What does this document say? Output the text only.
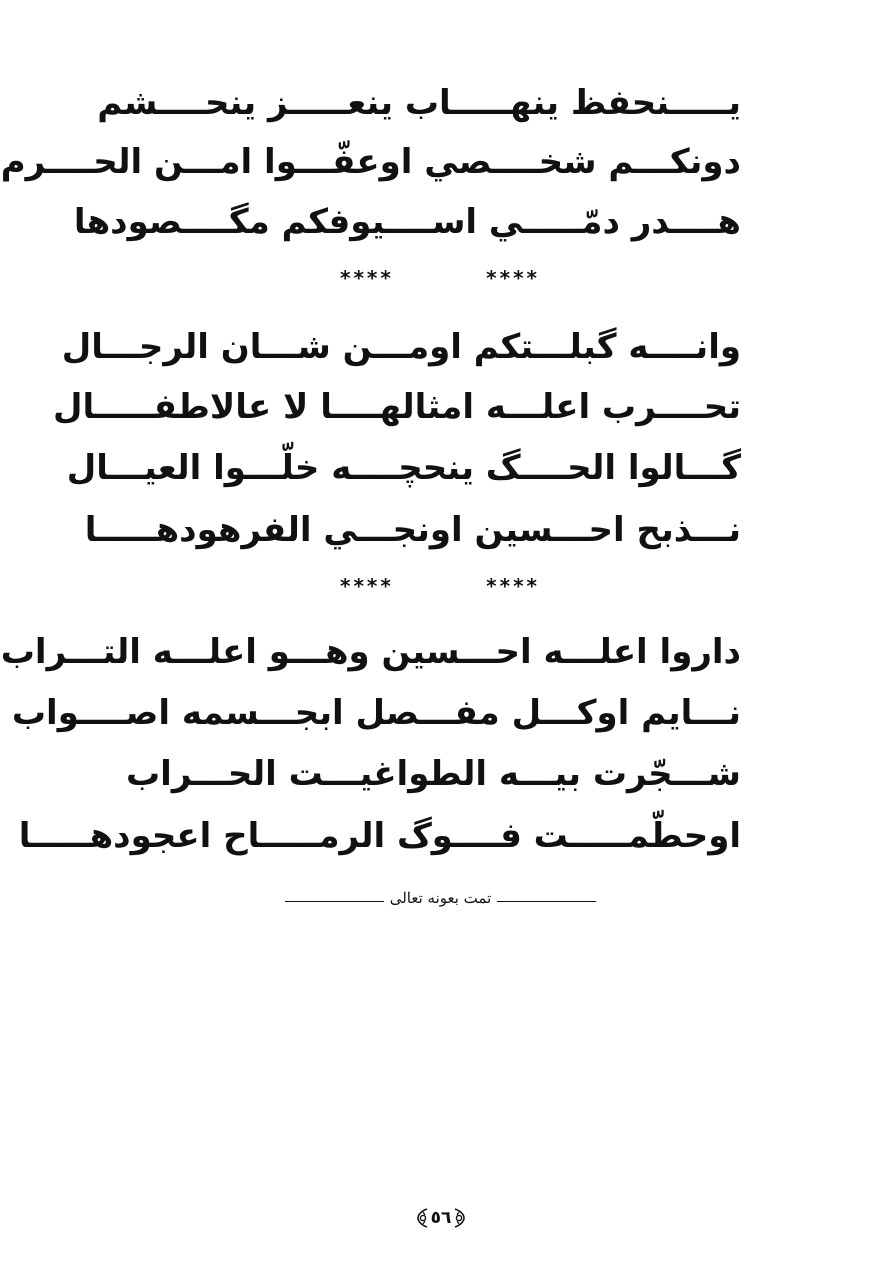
يـــــنحفظ ينهـــــاب ينعـــــز ينحــــشم
دونكـــم شخــــصي اوعفّـــوا امـــن الحــــرم
هــــدر دمّـــــي اســــيوفكم مگــــصودها
****	****
وانــــه گبلـــتكم اومـــن شـــان الرجـــال
تحــــرب اعلـــه امثالهــــا لا عالاطفـــــال
گـــالوا الحــــگ ينحچــــه خلّـــوا العيـــال
نـــذبح احـــسين اونجـــي الفرهودهـــــا
****	****
داروا اعلـــه احـــسين وهـــو اعلـــه التـــراب
نـــايم اوكـــل مفـــصل ابجـــسمه اصــــواب
شـــجّرت بيـــه الطواغيـــت الحـــراب
اوحطّمـــــت فــــوگ الرمـــــاح اعجودهـــــا
تمت بعونه تعالى
٥٦
